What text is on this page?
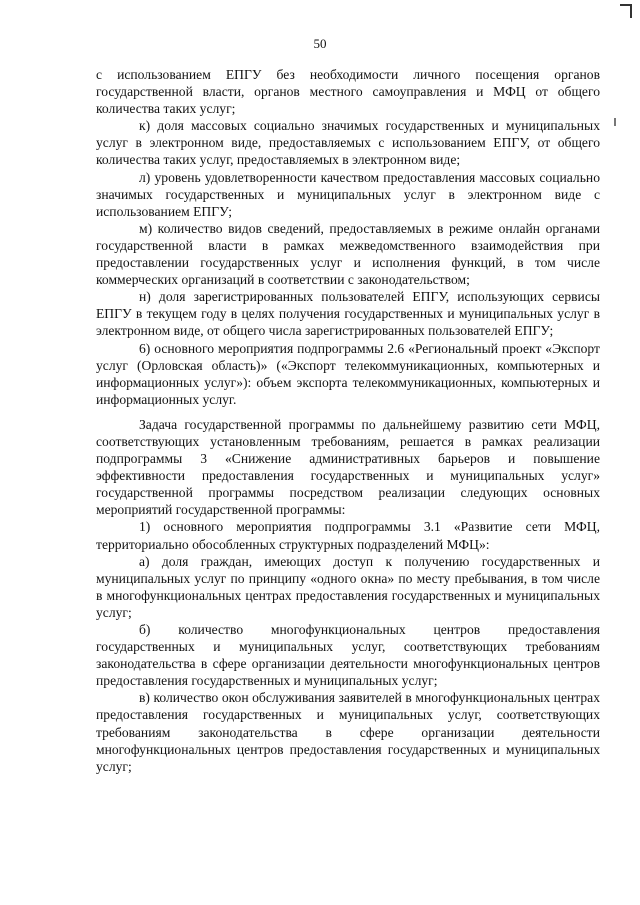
50

с использованием ЕПГУ без необходимости личного посещения органов государственной власти, органов местного самоуправления и МФЦ от общего количества таких услуг;

к) доля массовых социально значимых государственных и муниципальных услуг в электронном виде, предоставляемых с использованием ЕПГУ, от общего количества таких услуг, предоставляемых в электронном виде;

л) уровень удовлетворенности качеством предоставления массовых социально значимых государственных и муниципальных услуг в электронном виде с использованием ЕПГУ;

м) количество видов сведений, предоставляемых в режиме онлайн органами государственной власти в рамках межведомственного взаимодействия при предоставлении государственных услуг и исполнения функций, в том числе коммерческих организаций в соответствии с законодательством;

н) доля зарегистрированных пользователей ЕПГУ, использующих сервисы ЕПГУ в текущем году в целях получения государственных и муниципальных услуг в электронном виде, от общего числа зарегистрированных пользователей ЕПГУ;

6) основного мероприятия подпрограммы 2.6 «Региональный проект «Экспорт услуг (Орловская область)» («Экспорт телекоммуникационных, компьютерных и информационных услуг»): объем экспорта телекоммуникационных, компьютерных и информационных услуг.

Задача государственной программы по дальнейшему развитию сети МФЦ, соответствующих установленным требованиям, решается в рамках реализации подпрограммы 3 «Снижение административных барьеров и повышение эффективности предоставления государственных и муниципальных услуг» государственной программы посредством реализации следующих основных мероприятий государственной программы:

1) основного мероприятия подпрограммы 3.1 «Развитие сети МФЦ, территориально обособленных структурных подразделений МФЦ»:

а) доля граждан, имеющих доступ к получению государственных и муниципальных услуг по принципу «одного окна» по месту пребывания, в том числе в многофункциональных центрах предоставления государственных и муниципальных услуг;

б) количество многофункциональных центров предоставления государственных и муниципальных услуг, соответствующих требованиям законодательства в сфере организации деятельности многофункциональных центров предоставления государственных и муниципальных услуг;

в) количество окон обслуживания заявителей в многофункциональных центрах предоставления государственных и муниципальных услуг, соответствующих требованиям законодательства в сфере организации деятельности многофункциональных центров предоставления государственных и муниципальных услуг;
